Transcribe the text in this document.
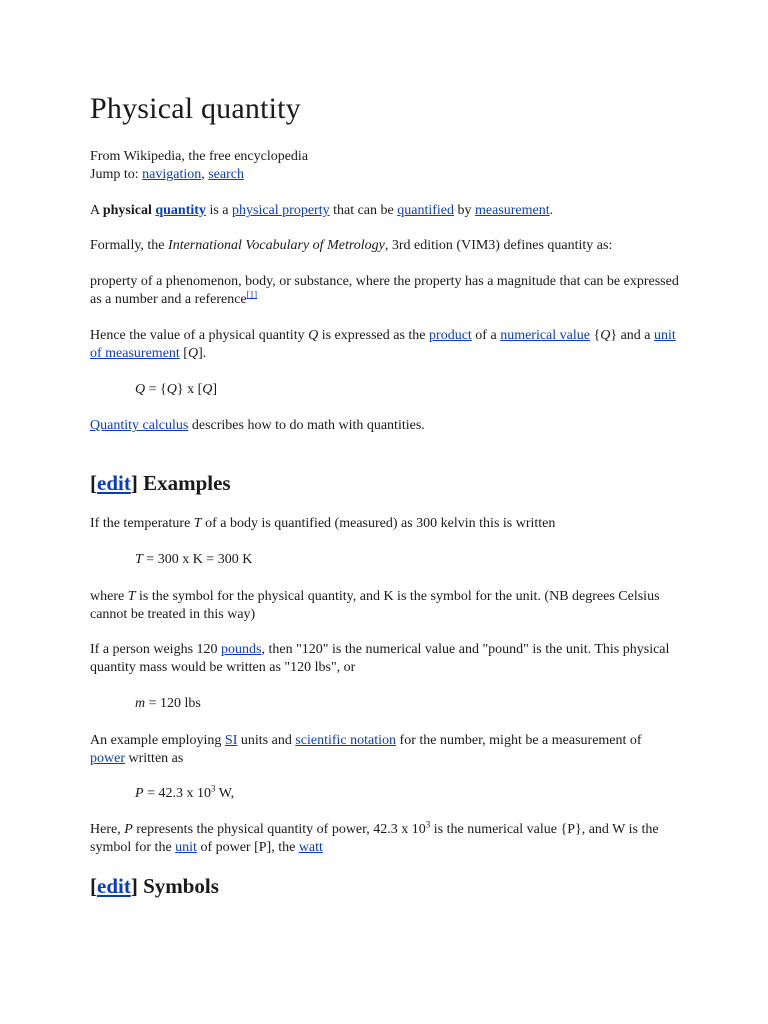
Physical quantity

From Wikipedia, the free encyclopedia
Jump to: navigation, search

A physical quantity is a physical property that can be quantified by measurement.

Formally, the International Vocabulary of Metrology, 3rd edition (VIM3) defines quantity as:

property of a phenomenon, body, or substance, where the property has a magnitude that can be expressed as a number and a reference[1]

Hence the value of a physical quantity Q is expressed as the product of a numerical value {Q} and a unit of measurement [Q].

Q = {Q} x [Q]

Quantity calculus describes how to do math with quantities.

[edit] Examples

If the temperature T of a body is quantified (measured) as 300 kelvin this is written

T = 300 x K = 300 K

where T is the symbol for the physical quantity, and K is the symbol for the unit. (NB degrees Celsius cannot be treated in this way)

If a person weighs 120 pounds, then "120" is the numerical value and "pound" is the unit. This physical quantity mass would be written as "120 lbs", or

m = 120 lbs

An example employing SI units and scientific notation for the number, might be a measurement of power written as

P = 42.3 x $10^3$ W,

Here, P represents the physical quantity of power, 42.3 x $10^3$ is the numerical value {P}, and W is the symbol for the unit of power [P], the watt

[edit] Symbols
